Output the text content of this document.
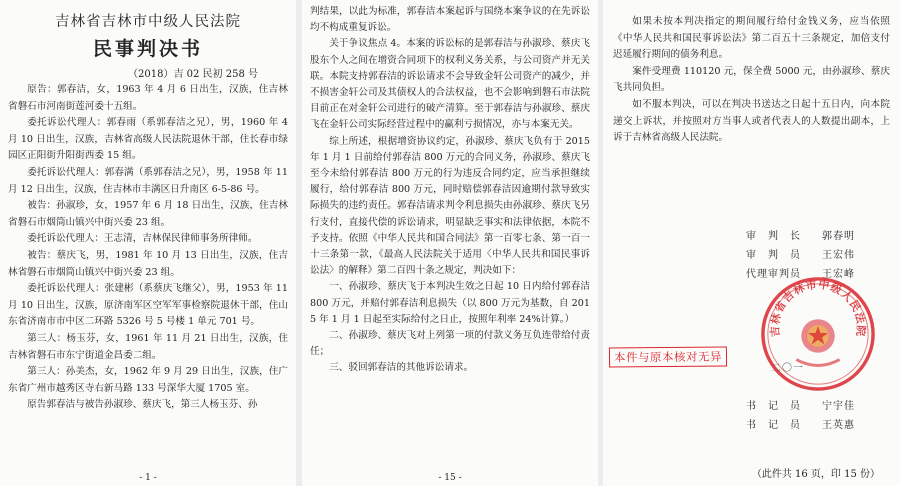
吉林省吉林市中级人民法院
民事判决书
（2018）吉 02 民初 258 号

原告：郭春洁，女，1963 年 4 月 6 日出生，汉族，住吉林省磐石市河南街莲河委十五组。

委托诉讼代理人：郭春雨（系郭春洁之兄），男，1960 年 4 月 10 日出生，汉族，吉林省高级人民法院退休干部，住长春市绿园区正阳街升阳街西委 15 组。

委托诉讼代理人：郭春满（系郭春洁之兄），男，1958 年 11 月 12 日出生，汉族，住吉林市丰满区日升南区 6-5-86 号。

被告：孙淑珍，女，1957 年 6 月 18 日出生，汉族，住吉林省磐石市烟筒山镇兴中街兴委 23 组。

委托诉讼代理人：王志清，吉林保民律师事务所律师。

被告：蔡庆飞，男，1981 年 10 月 13 日出生，汉族，住吉林省磐石市烟筒山镇兴中街兴委 23 组。

委托诉讼代理人：张建彬（系蔡庆飞继父），男，1953 年 11 月 10 日出生，汉族，原济南军区空军军事检察院退休干部，住山东省济南市市中区二环路 5326 号 5 号楼 1 单元 701 号。

第三人：杨玉芬，女，1961 年 11 月 21 日出生，汉族，住吉林省磐石市东宁街道金昌委二组。

第三人：孙美杰，女，1962 年 9 月 29 日出生，汉族，住广东省广州市越秀区寺右新马路 133 号深华大厦 1705 室。

原告郭春洁与被告孙淑珍、蔡庆飞，第三人杨玉芬、孙

- 1 -

判结果，以此为标准，郭春洁本案起诉与国绕本案争议的在先诉讼均不构成重复诉讼。

关于争议焦点 4。本案的诉讼标的是郭春洁与孙淑珍、蔡庆飞股东个人之间在增资合同项下的权利义务关系，与公司资产并无关联。本院支持郭春洁的诉讼请求不会导致金轩公司资产的减少，并不损害金轩公司及其债权人的合法权益，也不会影响到磐石市法院目前正在对金轩公司进行的破产清算。至于郭春洁与孙淑珍、蔡庆飞在金轩公司实际经营过程中的赢利亏损情况，亦与本案无关。

综上所述，根据增资协议约定，孙淑珍、蔡庆飞负有于 2015 年 1 月 1 日前给付郭春洁 800 万元的合同义务，孙淑珍、蔡庆飞至今未给付郭春洁 800 万元的行为违反合同约定，应当承担继续履行，给付郭春洁 800 万元，同时赔偿郭春洁因逾期付款导致实际损失的违约责任。郭春洁请求判令利息损失由孙淑珍、蔡庆飞另行支付，直接代偿的诉讼请求，明显缺乏事实和法律依据，本院不予支持。依照《中华人民共和国合同法》第一百零七条、第一百一十三条第一款，《最高人民法院关于适用〈中华人民共和国民事诉讼法〉的解释》第二百四十条之规定，判决如下：

一、孙淑珍、蔡庆飞于本判决生效之日起 10 日内给付郭春洁 800 万元，并赔付郭春洁利息损失（以 800 万元为基数，自 2015 年 1 月 1 日起至实际给付之日止，按照年利率 24%计算。）

二、孙淑珍、蔡庆飞对上列第一项的付款义务互负连带给付责任；

三、驳回郭春洁的其他诉讼请求。

- 15 -

如果未按本判决指定的期间履行给付金钱义务，应当依照《中华人民共和国民事诉讼法》第二百五十三条规定，加倍支付迟延履行期间的债务利息。

案件受理费 110120 元，保全费 5000 元，由孙淑珍、蔡庆飞共同负担。

如不服本判决，可以在判决书送达之日起十五日内，向本院递交上诉状，并按照对方当事人或者代表人的人数提出副本，上诉于吉林省高级人民法院。

审　判　长 郭春明
审　判　员 王宏伟
代理审判员 王宏峰
吉林省吉林市中级人民法院
二〇一
本件与原本核对无异
书　记　员 宁宇佳
书　记　员 王英惠
（此件共 16 页，印 15 份）
